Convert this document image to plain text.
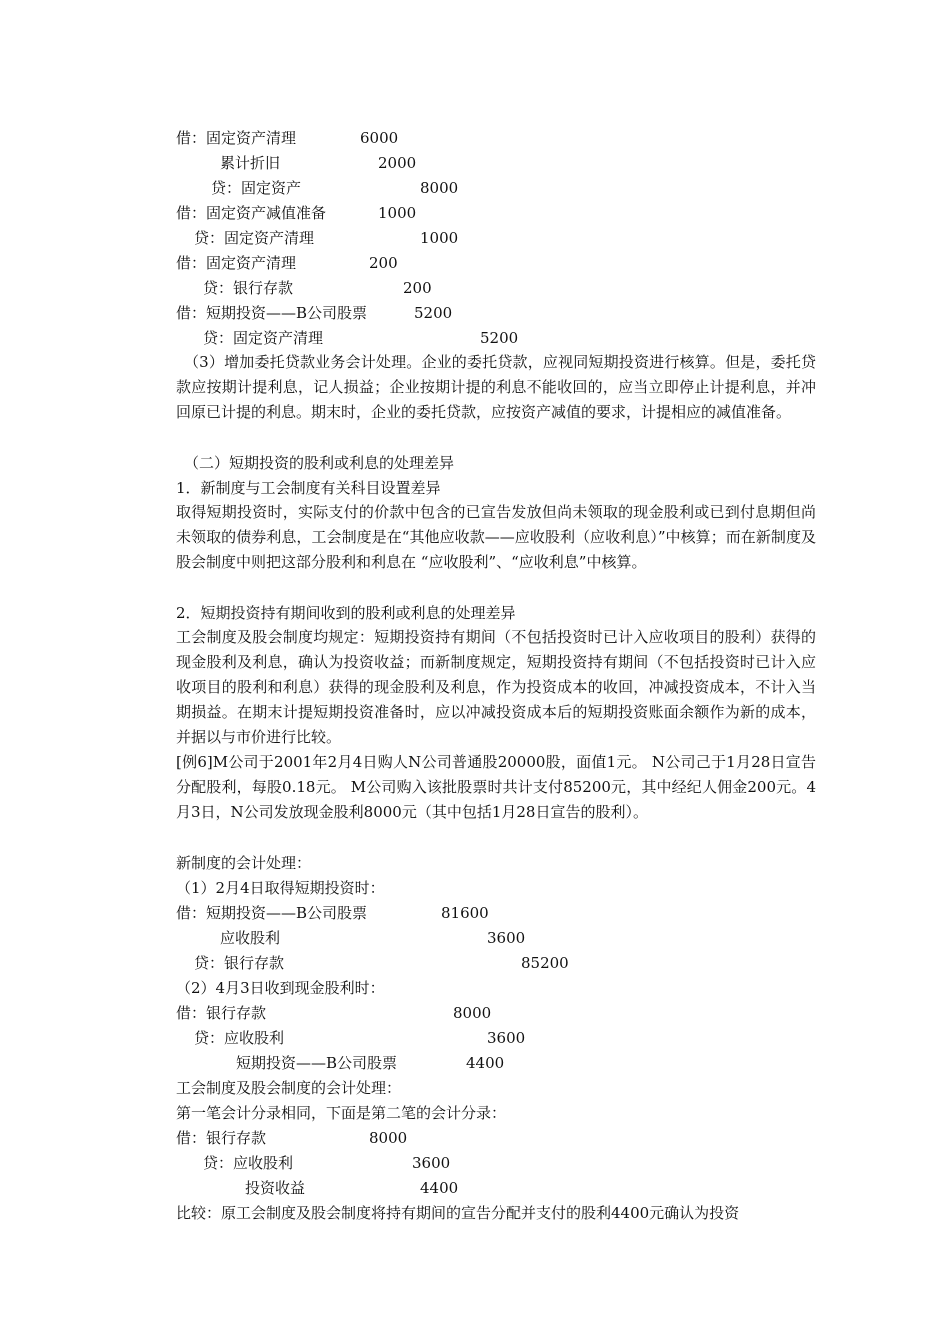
借：固定资产清理	6000
累计折旧	2000
贷：固定资产	8000
借：固定资产减值准备	1000
贷：固定资产清理	1000
借：固定资产清理	200
贷：银行存款	200
借：短期投资——B公司股票	5200
贷：固定资产清理	5200
（3）增加委托贷款业务会计处理。企业的委托贷款，应视同短期投资进行核算。但是，委托贷款应按期计提利息，记人损益；企业按期计提的利息不能收回的，应当立即停止计提利息，并冲回原已计提的利息。期末时，企业的委托贷款，应按资产减值的要求，计提相应的减值准备。
（二）短期投资的股利或利息的处理差异
1．新制度与工会制度有关科目设置差异
取得短期投资时，实际支付的价款中包含的已宣告发放但尚未领取的现金股利或已到付息期但尚未领取的债券利息，工会制度是在“其他应收款——应收股利（应收利息）”中核算；而在新制度及股会制度中则把这部分股利和利息在 “应收股利”、“应收利息”中核算。
2．短期投资持有期间收到的股利或利息的处理差异
工会制度及股会制度均规定：短期投资持有期间（不包括投资时已计入应收项目的股利）获得的现金股利及利息，确认为投资收益；而新制度规定，短期投资持有期间（不包括投资时已计入应收项目的股利和利息）获得的现金股利及利息，作为投资成本的收回，冲减投资成本，不计入当期损益。在期末计提短期投资准备时，应以冲减投资成本后的短期投资账面余额作为新的成本，并据以与市价进行比较。
[例6]M公司于2001年2月4日购人N公司普通股20000股，面值1元。 N公司己于1月28日宣告分配股利，每股0.18元。 M公司购入该批股票时共计支付85200元，其中经纪人佣金200元。4月3日，N公司发放现金股利8000元（其中包括1月28日宣告的股利）。
新制度的会计处理：
（1）2月4日取得短期投资时：
借：短期投资——B公司股票	81600
应收股利	3600
贷：银行存款	85200
（2）4月3日收到现金股利时：
借：银行存款	8000
贷：应收股利	3600
短期投资——B公司股票	4400
工会制度及股会制度的会计处理：
第一笔会计分录相同，下面是第二笔的会计分录：
借：银行存款	8000
贷：应收股利	3600
投资收益	4400
比较：原工会制度及股会制度将持有期间的宣告分配并支付的股利4400元确认为投资
